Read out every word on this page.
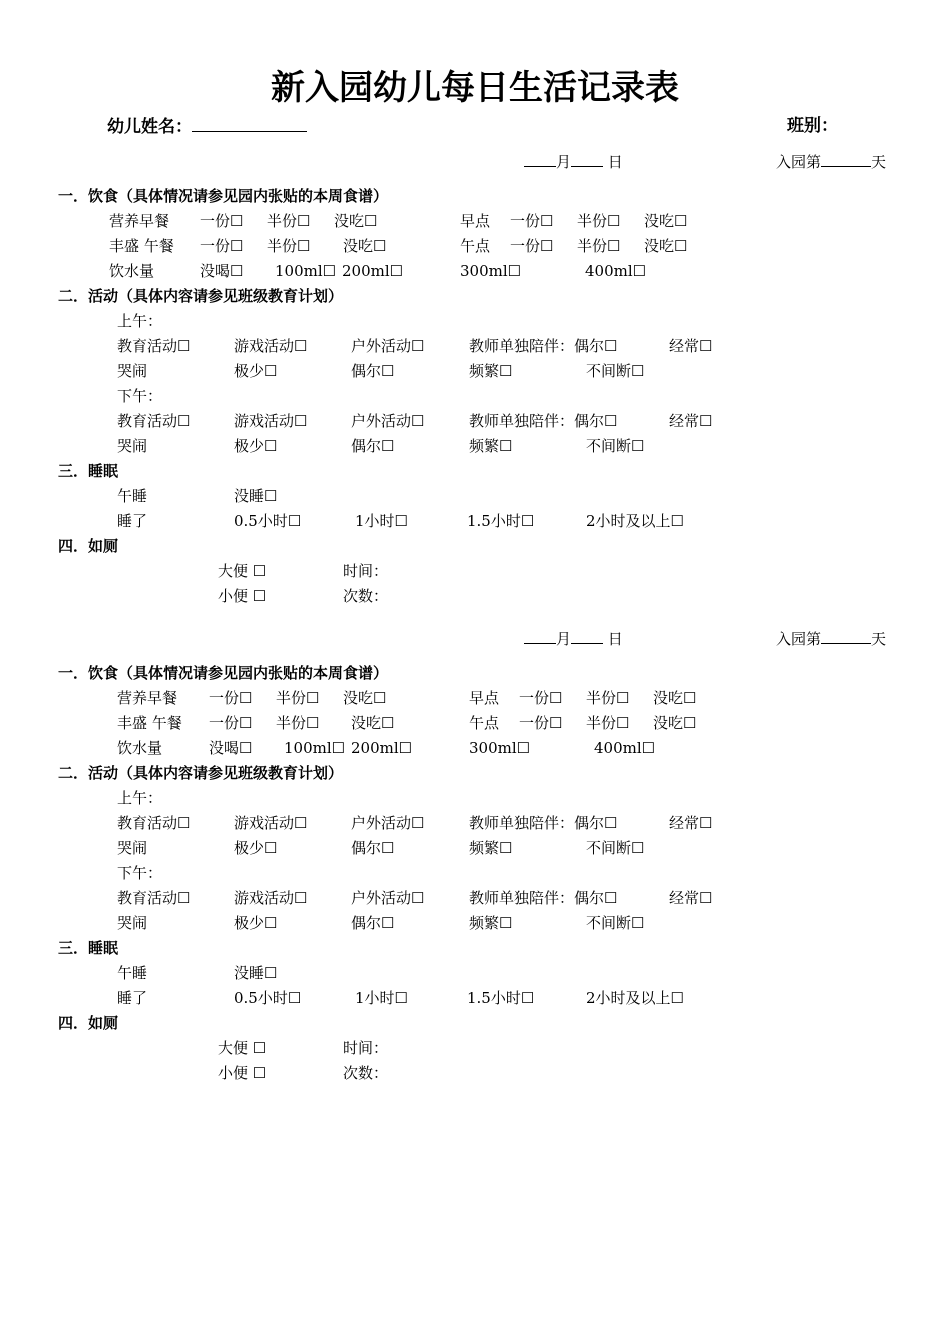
新入园幼儿每日生活记录表
幼儿姓名：	班别：
月 日	入园第	天
一．饮食（具体情况请参见园内张贴的本周食谱）
营养早餐 一份☐ 半份☐ 没吃☐	早点 一份☐ 半份☐ 没吃☐
丰盛 午餐 一份☐ 半份☐ 没吃☐	午点 一份☐ 半份☐ 没吃☐
饮水量	没喝☐ 100ml☐ 200ml☐	300ml☐	400ml☐
二．活动（具体内容请参见班级教育计划）
上午：
教育活动☐	游戏活动☐	户外活动☐	教师单独陪伴：偶尔☐	经常☐
哭闹	极少☐	偶尔☐	频繁☐	不间断☐
下午：
教育活动☐	游戏活动☐	户外活动☐	教师单独陪伴：偶尔☐	经常☐
哭闹	极少☐	偶尔☐	频繁☐	不间断☐
三．睡眠
午睡	没睡☐
睡了	0.5小时☐	1小时☐	1.5小时☐	2小时及以上☐
四．如厕
大便 ☐	时间：
小便 ☐	次数：
月 日	入园第	天
一．饮食（具体情况请参见园内张贴的本周食谱）
营养早餐 一份☐ 半份☐ 没吃☐	早点 一份☐ 半份☐ 没吃☐
丰盛 午餐 一份☐ 半份☐ 没吃☐	午点 一份☐ 半份☐ 没吃☐
饮水量	没喝☐ 100ml☐ 200ml☐	300ml☐	400ml☐
二．活动（具体内容请参见班级教育计划）
上午：
教育活动☐	游戏活动☐	户外活动☐	教师单独陪伴：偶尔☐	经常☐
哭闹	极少☐	偶尔☐	频繁☐	不间断☐
下午：
教育活动☐	游戏活动☐	户外活动☐	教师单独陪伴：偶尔☐	经常☐
哭闹	极少☐	偶尔☐	频繁☐	不间断☐
三．睡眠
午睡	没睡☐
睡了	0.5小时☐	1小时☐	1.5小时☐	2小时及以上☐
四．如厕
大便 ☐	时间：
小便 ☐	次数：
